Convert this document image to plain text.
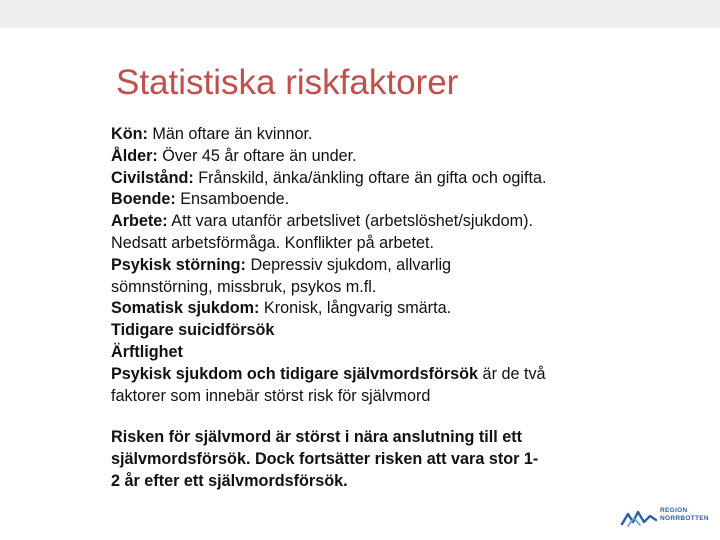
Statistiska riskfaktorer
Kön: Män oftare än kvinnor.
Ålder: Över 45 år oftare än under.
Civilstånd: Frånskild, änka/änkling oftare än gifta och ogifta.
Boende: Ensamboende.
Arbete: Att vara utanför arbetslivet (arbetslöshet/sjukdom).
Nedsatt arbetsförmåga. Konflikter på arbetet.
Psykisk störning: Depressiv sjukdom, allvarlig
sömnstörning, missbruk, psykos m.fl.
Somatisk sjukdom: Kronisk, långvarig smärta.
Tidigare suicidförsök
Ärftlighet
Psykisk sjukdom och tidigare självmordsförsök är de två
faktorer som innebär störst risk för självmord
Risken för självmord är störst i nära anslutning till ett
självmordsförsök. Dock fortsätter risken att vara stor 1-
2 år efter ett självmordsförsök.
REGION
NORRBOTTEN
